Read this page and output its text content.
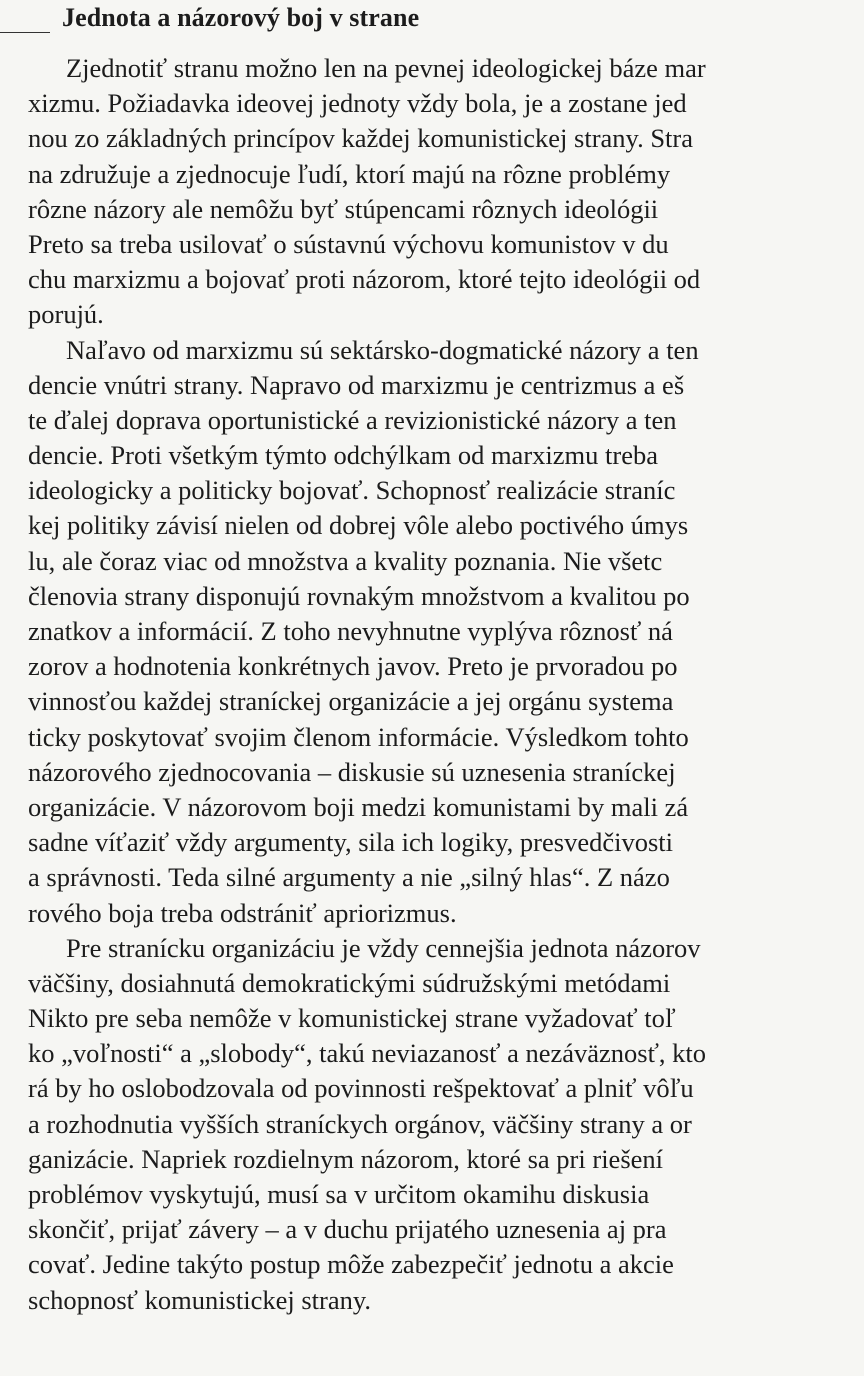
Jednota a názorový boj v strane
Zjednotiť stranu možno len na pevnej ideologickej báze mar
xizmu. Požiadavka ideovej jednoty vždy bola, je a zostane jed
nou zo základných princípov každej komunistickej strany. Stra
na združuje a zjednocuje ľudí, ktorí majú na rôzne problémy
rôzne názory ale nemôžu byť stúpencami rôznych ideológii
Preto sa treba usilovať o sústavnú výchovu komunistov v du
chu marxizmu a bojovať proti názorom, ktoré tejto ideológii od
porujú.
Naľavo od marxizmu sú sektársko-dogmatické názory a ten
dencie vnútri strany. Napravo od marxizmu je centrizmus a eš
te ďalej doprava oportunistické a revizionistické názory a ten
dencie. Proti všetkým týmto odchýlkam od marxizmu treba
ideologicky a politicky bojovať. Schopnosť realizácie straníc
kej politiky závisí nielen od dobrej vôle alebo poctivého úmys
lu, ale čoraz viac od množstva a kvality poznania. Nie všetc
členovia strany disponujú rovnakým množstvom a kvalitou po
znatkov a informácií. Z toho nevyhnutne vyplýva rôznosť ná
zorov a hodnotenia konkrétnych javov. Preto je prvoradou po
vinnosťou každej straníckej organizácie a jej orgánu systema
ticky poskytovať svojim členom informácie. Výsledkom tohto
názorového zjednocovania – diskusie sú uznesenia straníckej
organizácie. V názorovom boji medzi komunistami by mali zá
sadne víťaziť vždy argumenty, sila ich logiky, presvedčivosti
a správnosti. Teda silné argumenty a nie „silný hlas“. Z názo
rového boja treba odstrániť apriorizmus.
Pre stranícku organizáciu je vždy cennejšia jednota názorov
väčšiny, dosiahnutá demokratickými súdružskými metódami
Nikto pre seba nemôže v komunistickej strane vyžadovať toľ
ko „voľnosti“ a „slobody“, takú neviazanosť a nezáväznosť, kto
rá by ho oslobodzovala od povinnosti rešpektovať a plniť vôľu
a rozhodnutia vyšších straníckych orgánov, väčšiny strany a or
ganizácie. Napriek rozdielnym názorom, ktoré sa pri riešení
problémov vyskytujú, musí sa v určitom okamihu diskusia
skončiť, prijať závery – a v duchu prijatého uznesenia aj pra
covať. Jedine takýto postup môže zabezpečiť jednotu a akcie
schopnosť komunistickej strany.
